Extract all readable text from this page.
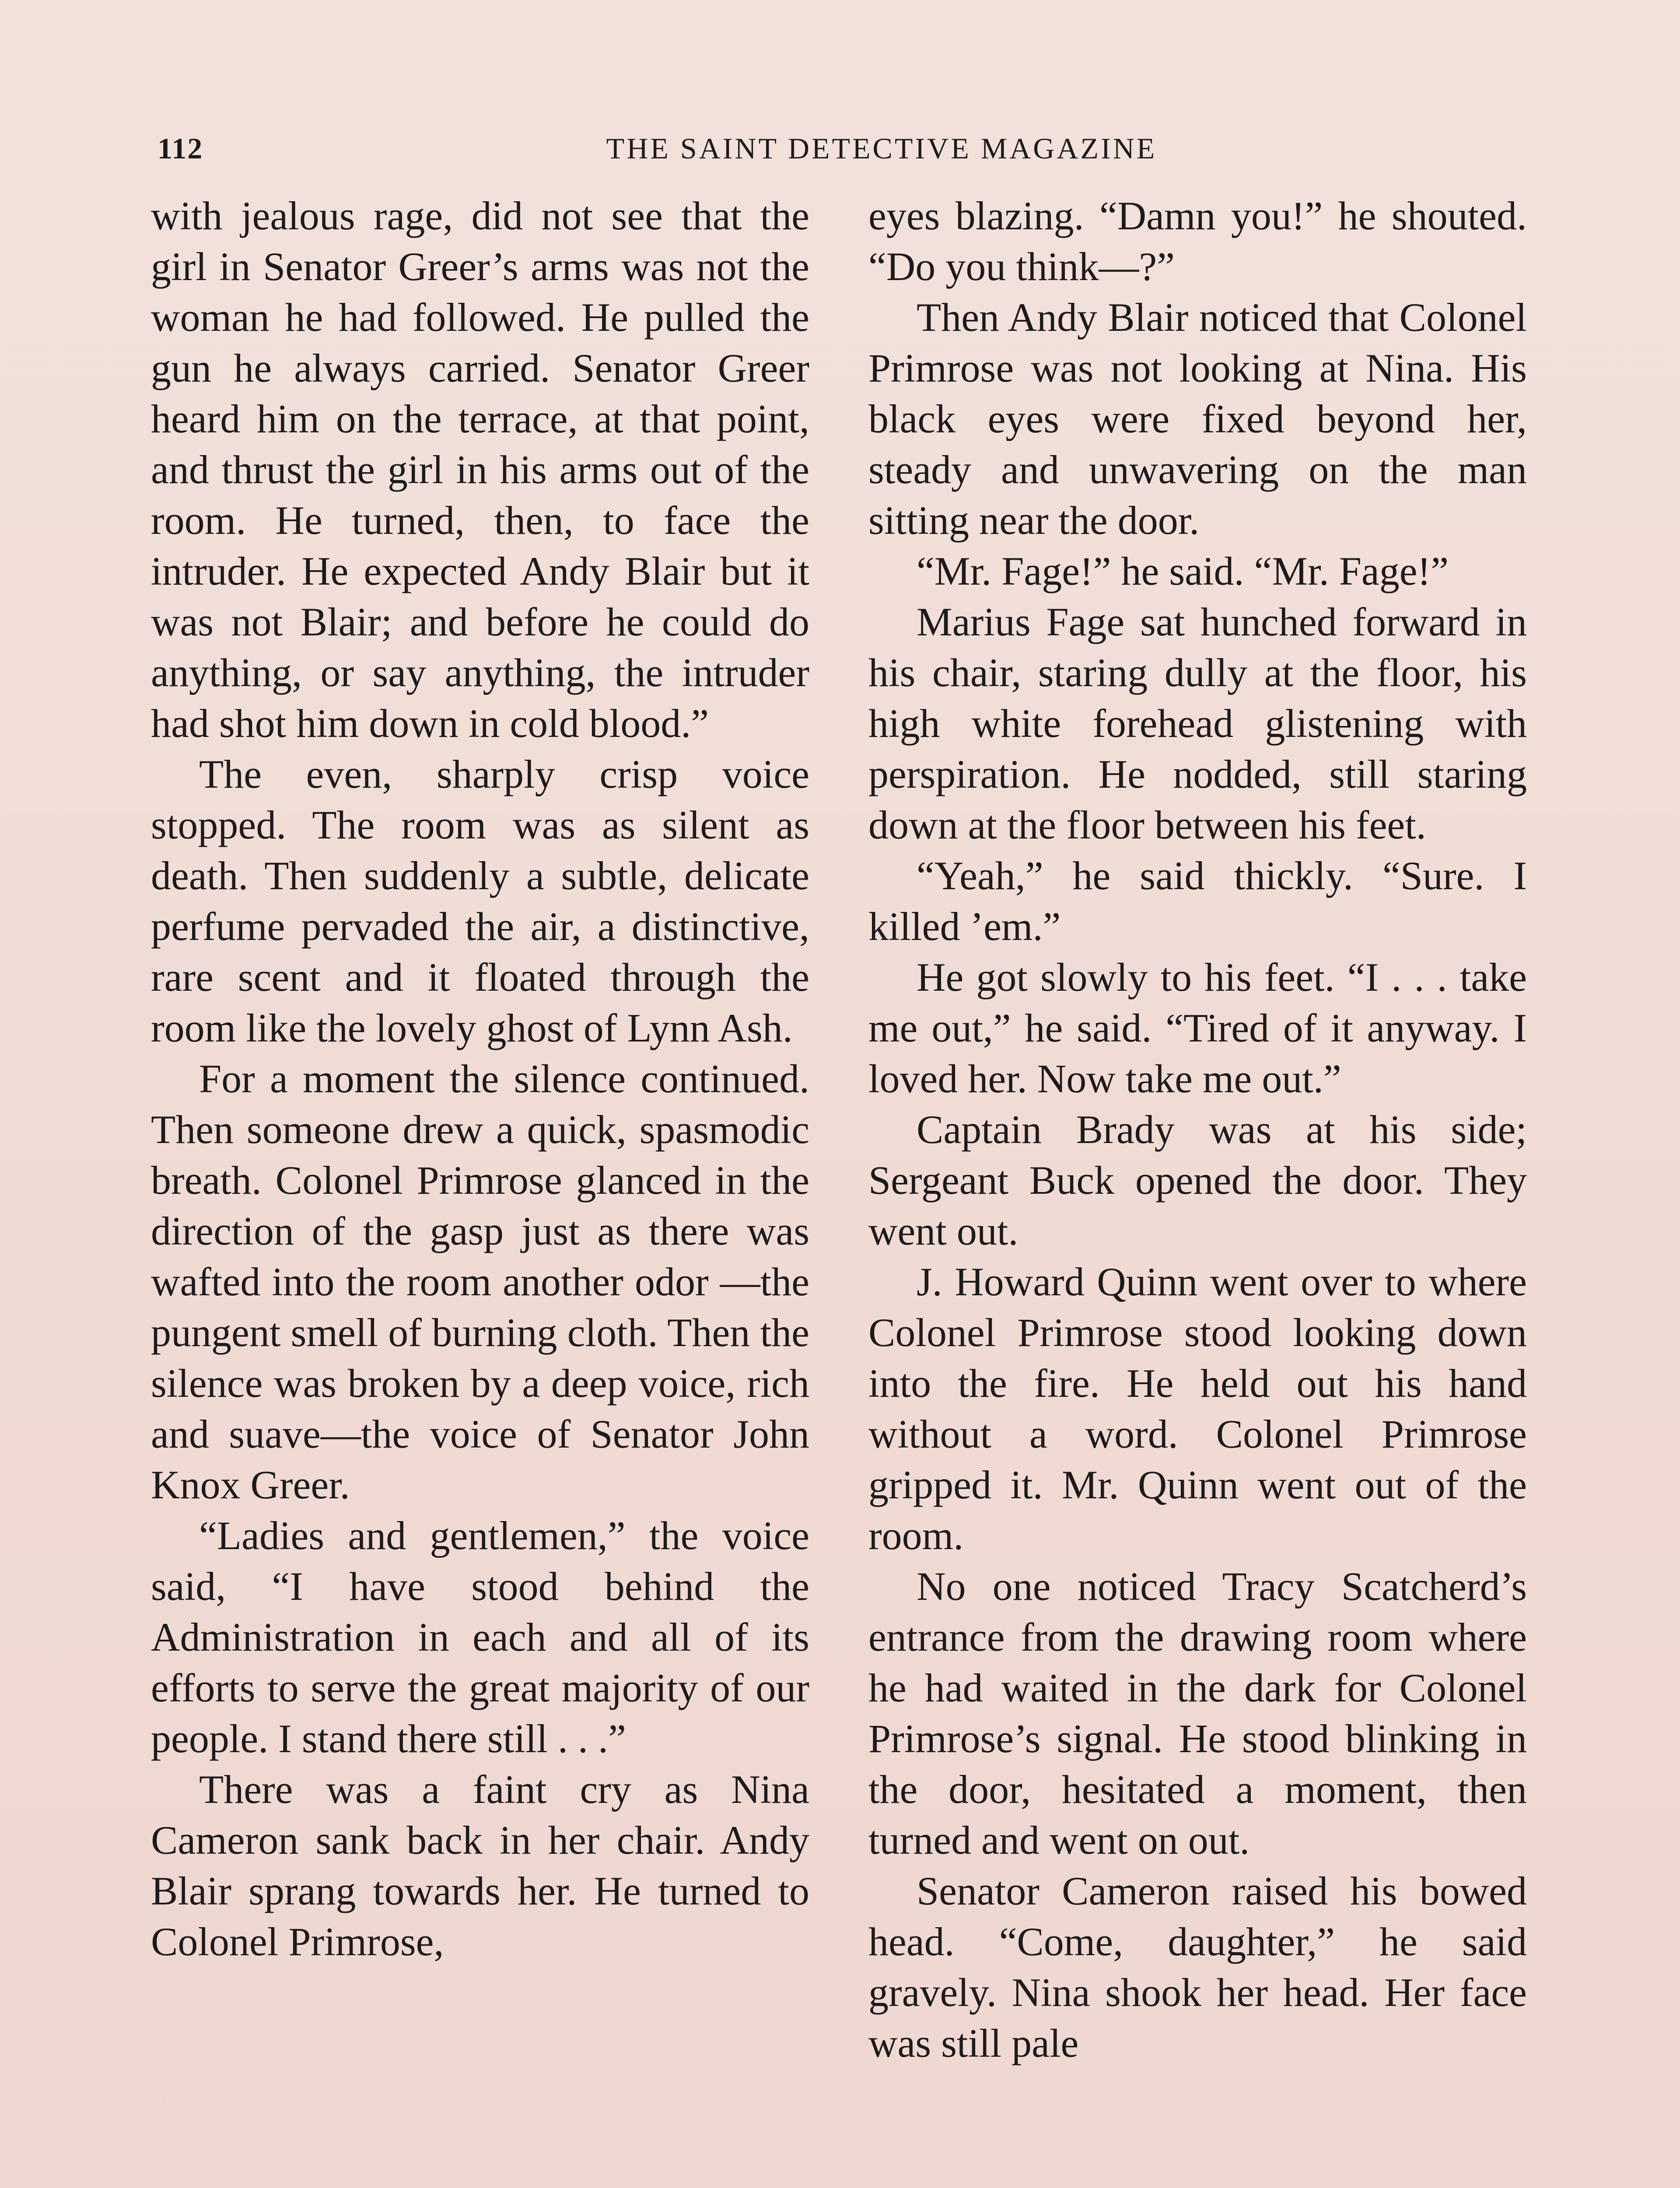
112	THE SAINT DETECTIVE MAGAZINE

with jealous rage, did not see that the girl in Senator Greer’s arms was not the woman he had followed. He pulled the gun he always carried. Senator Greer heard him on the terrace, at that point, and thrust the girl in his arms out of the room. He turned, then, to face the intruder. He expected Andy Blair but it was not Blair; and before he could do anything, or say anything, the intruder had shot him down in cold blood.”

The even, sharply crisp voice stopped. The room was as silent as death. Then suddenly a subtle, delicate perfume pervaded the air, a distinctive, rare scent and it floated through the room like the lovely ghost of Lynn Ash.

For a moment the silence continued. Then someone drew a quick, spasmodic breath. Colonel Primrose glanced in the direction of the gasp just as there was wafted into the room another odor —the pungent smell of burning cloth. Then the silence was broken by a deep voice, rich and suave—the voice of Senator John Knox Greer.

“Ladies and gentlemen,” the voice said, “I have stood behind the Administration in each and all of its efforts to serve the great majority of our people. I stand there still . . .”

There was a faint cry as Nina Cameron sank back in her chair. Andy Blair sprang towards her. He turned to Colonel Primrose,

eyes blazing. “Damn you!” he shouted. “Do you think—?”

Then Andy Blair noticed that Colonel Primrose was not looking at Nina. His black eyes were fixed beyond her, steady and unwavering on the man sitting near the door.

“Mr. Fage!” he said. “Mr. Fage!”

Marius Fage sat hunched forward in his chair, staring dully at the floor, his high white forehead glistening with perspiration. He nodded, still staring down at the floor between his feet.

“Yeah,” he said thickly. “Sure. I killed ’em.”

He got slowly to his feet. “I . . . take me out,” he said. “Tired of it anyway. I loved her. Now take me out.”

Captain Brady was at his side; Sergeant Buck opened the door. They went out.

J. Howard Quinn went over to where Colonel Primrose stood looking down into the fire. He held out his hand without a word. Colonel Primrose gripped it. Mr. Quinn went out of the room.

No one noticed Tracy Scatcherd’s entrance from the drawing room where he had waited in the dark for Colonel Primrose’s signal. He stood blinking in the door, hesitated a moment, then turned and went on out.

Senator Cameron raised his bowed head. “Come, daughter,” he said gravely. Nina shook her head. Her face was still pale
